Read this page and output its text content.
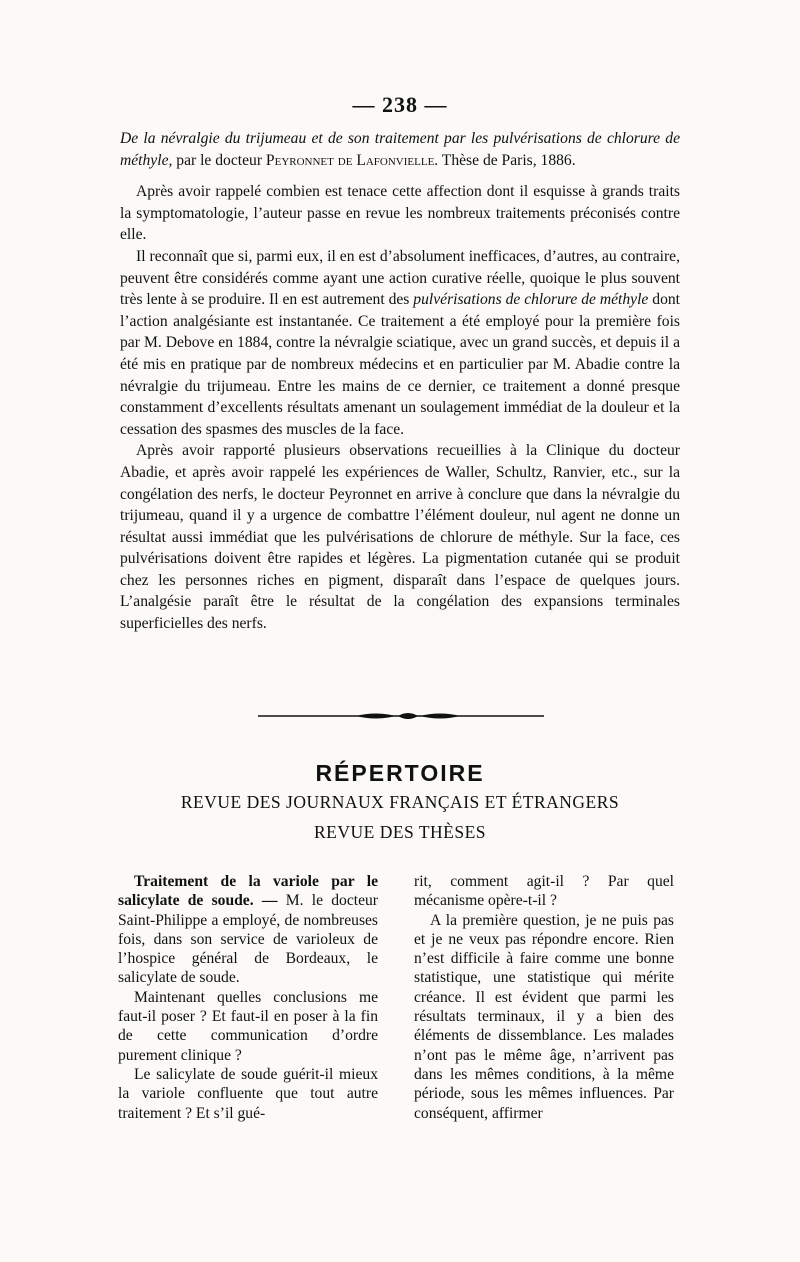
— 238 —

De la névralgie du trijumeau et de son traitement par les pulvérisations de chlorure de méthyle, par le docteur Peyronnet de Lafonvielle. Thèse de Paris, 1886.

Après avoir rappelé combien est tenace cette affection dont il esquisse à grands traits la symptomatologie, l’auteur passe en revue les nombreux traitements préconisés contre elle.

Il reconnaît que si, parmi eux, il en est d’absolument inefficaces, d’autres, au contraire, peuvent être considérés comme ayant une action curative réelle, quoique le plus souvent très lente à se produire. Il en est autrement des pulvérisations de chlorure de méthyle dont l’action analgésiante est instantanée. Ce traitement a été employé pour la première fois par M. Debove en 1884, contre la névralgie sciatique, avec un grand succès, et depuis il a été mis en pratique par de nombreux médecins et en particulier par M. Abadie contre la névralgie du trijumeau. Entre les mains de ce dernier, ce traitement a donné presque constamment d’excellents résultats amenant un soulagement immédiat de la douleur et la cessation des spasmes des muscles de la face.

Après avoir rapporté plusieurs observations recueillies à la Clinique du docteur Abadie, et après avoir rappelé les expériences de Waller, Schultz, Ranvier, etc., sur la congélation des nerfs, le docteur Peyronnet en arrive à conclure que dans la névralgie du trijumeau, quand il y a urgence de combattre l’élément douleur, nul agent ne donne un résultat aussi immédiat que les pulvérisations de chlorure de méthyle. Sur la face, ces pulvérisations doivent être rapides et légères. La pigmentation cutanée qui se produit chez les personnes riches en pigment, disparaît dans l’espace de quelques jours. L’analgésie paraît être le résultat de la congélation des expansions terminales superficielles des nerfs.

RÉPERTOIRE
REVUE DES JOURNAUX FRANÇAIS ET ÉTRANGERS
REVUE DES THÈSES

Traitement de la variole par le salicylate de soude. — M. le docteur Saint-Philippe a employé, de nombreuses fois, dans son service de varioleux de l’hospice général de Bordeaux, le salicylate de soude.

Maintenant quelles conclusions me faut-il poser ? Et faut-il en poser à la fin de cette communication d’ordre purement clinique ?

Le salicylate de soude guérit-il mieux la variole confluente que tout autre traitement ? Et s’il gué-

rit, comment agit-il ? Par quel mécanisme opère-t-il ?

A la première question, je ne puis pas et je ne veux pas répondre encore. Rien n’est difficile à faire comme une bonne statistique, une statistique qui mérite créance. Il est évident que parmi les résultats terminaux, il y a bien des éléments de dissemblance. Les malades n’ont pas le même âge, n’arrivent pas dans les mêmes conditions, à la même période, sous les mêmes influences. Par conséquent, affirmer
